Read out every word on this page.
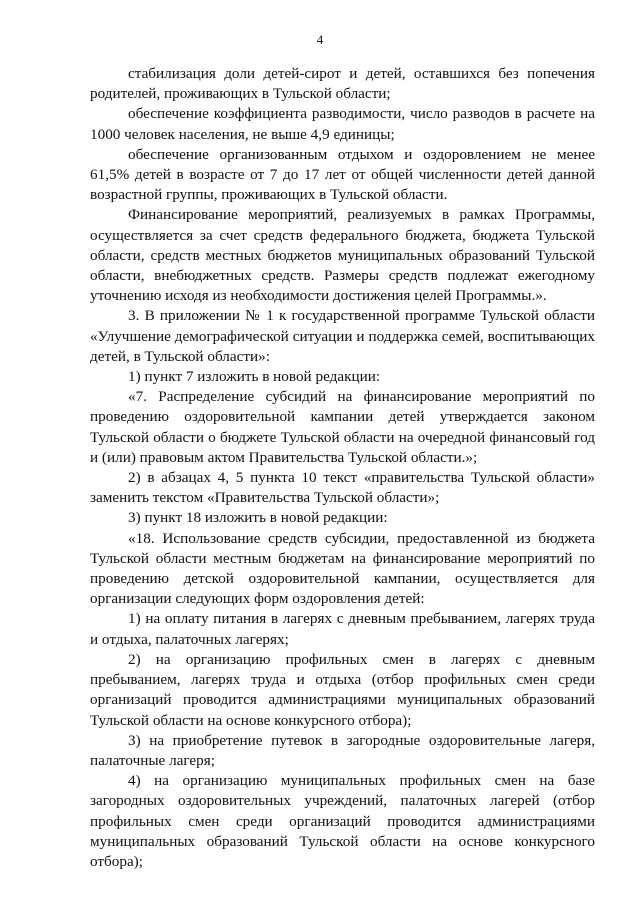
4

стабилизация доли детей-сирот и детей, оставшихся без попечения родителей, проживающих в Тульской области;

обеспечение коэффициента разводимости, число разводов в расчете на 1000 человек населения, не выше 4,9 единицы;

обеспечение организованным отдыхом и оздоровлением не менее 61,5% детей в возрасте от 7 до 17 лет от общей численности детей данной возрастной группы, проживающих в Тульской области.

Финансирование мероприятий, реализуемых в рамках Программы, осуществляется за счет средств федерального бюджета, бюджета Тульской области, средств местных бюджетов муниципальных образований Тульской области, внебюджетных средств. Размеры средств подлежат ежегодному уточнению исходя из необходимости достижения целей Программы.».

3. В приложении № 1 к государственной программе Тульской области «Улучшение демографической ситуации и поддержка семей, воспитывающих детей, в Тульской области»:

1) пункт 7 изложить в новой редакции:

«7. Распределение субсидий на финансирование мероприятий по проведению оздоровительной кампании детей утверждается законом Тульской области о бюджете Тульской области на очередной финансовый год и (или) правовым актом Правительства Тульской области.»;

2) в абзацах 4, 5 пункта 10 текст «правительства Тульской области» заменить текстом «Правительства Тульской области»;

3) пункт 18 изложить в новой редакции:

«18. Использование средств субсидии, предоставленной из бюджета Тульской области местным бюджетам на финансирование мероприятий по проведению детской оздоровительной кампании, осуществляется для организации следующих форм оздоровления детей:

1) на оплату питания в лагерях с дневным пребыванием, лагерях труда и отдыха, палаточных лагерях;

2) на организацию профильных смен в лагерях с дневным пребыванием, лагерях труда и отдыха (отбор профильных смен среди организаций проводится администрациями муниципальных образований Тульской области на основе конкурсного отбора);

3) на приобретение путевок в загородные оздоровительные лагеря, палаточные лагеря;

4) на организацию муниципальных профильных смен на базе загородных оздоровительных учреждений, палаточных лагерей (отбор профильных смен среди организаций проводится администрациями муниципальных образований Тульской области на основе конкурсного отбора);
